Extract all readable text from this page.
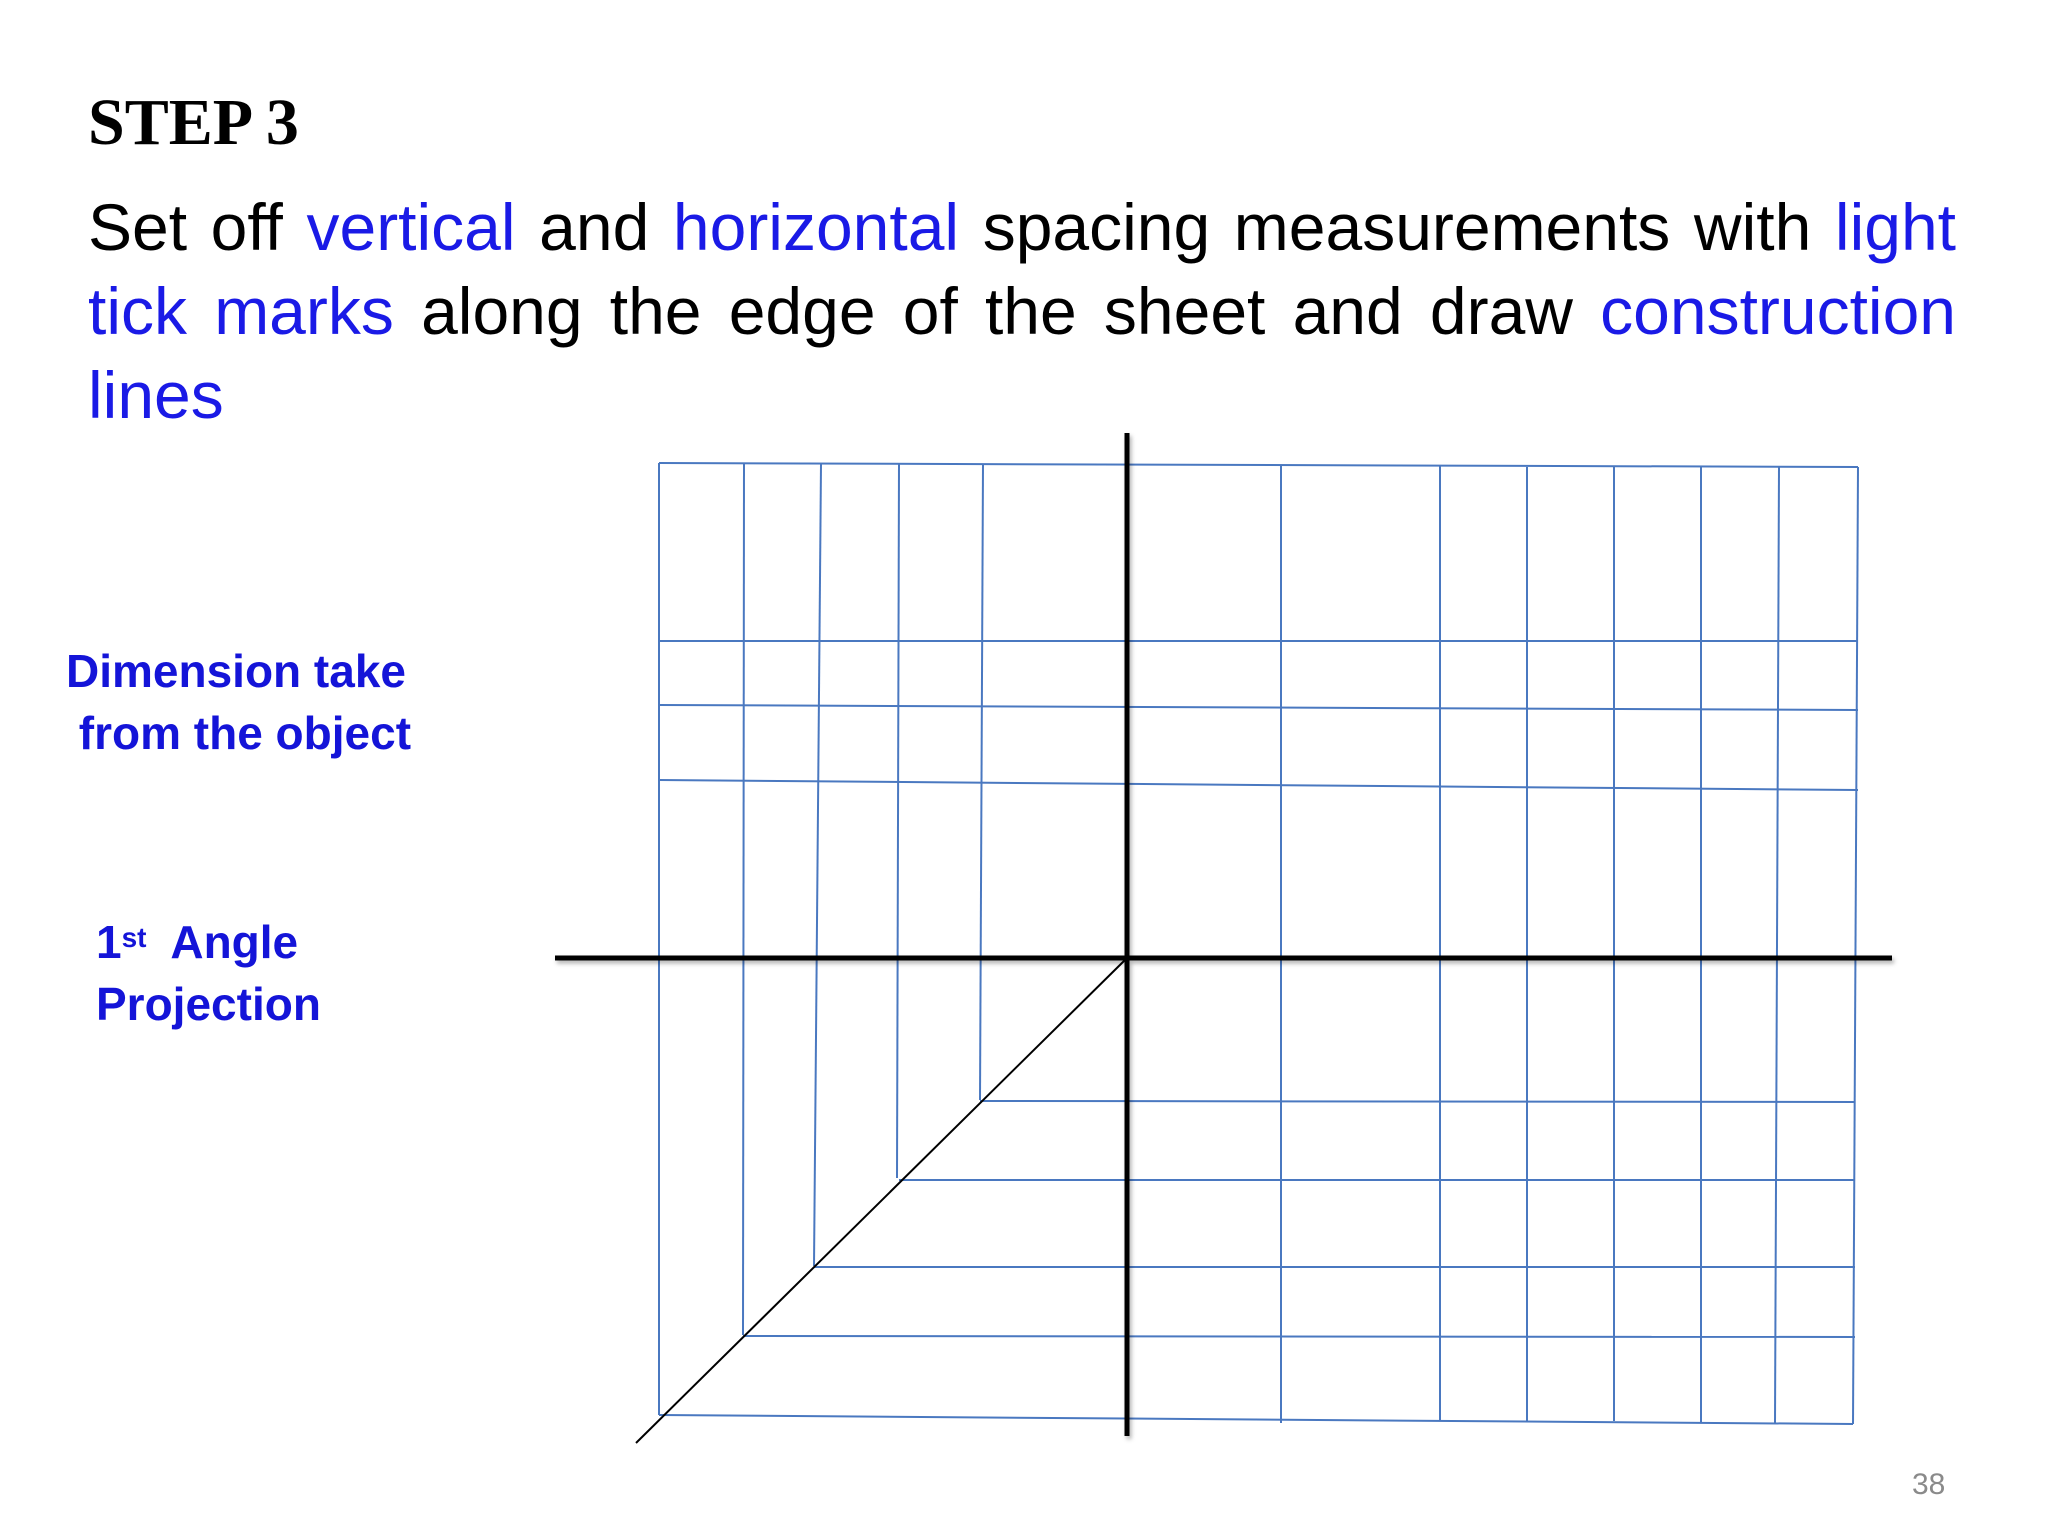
STEP 3

Set off vertical and horizontal spacing measurements with light tick marks along the edge of the sheet and draw construction lines

Dimension take
from the object
1st  Angle
Projection
38
